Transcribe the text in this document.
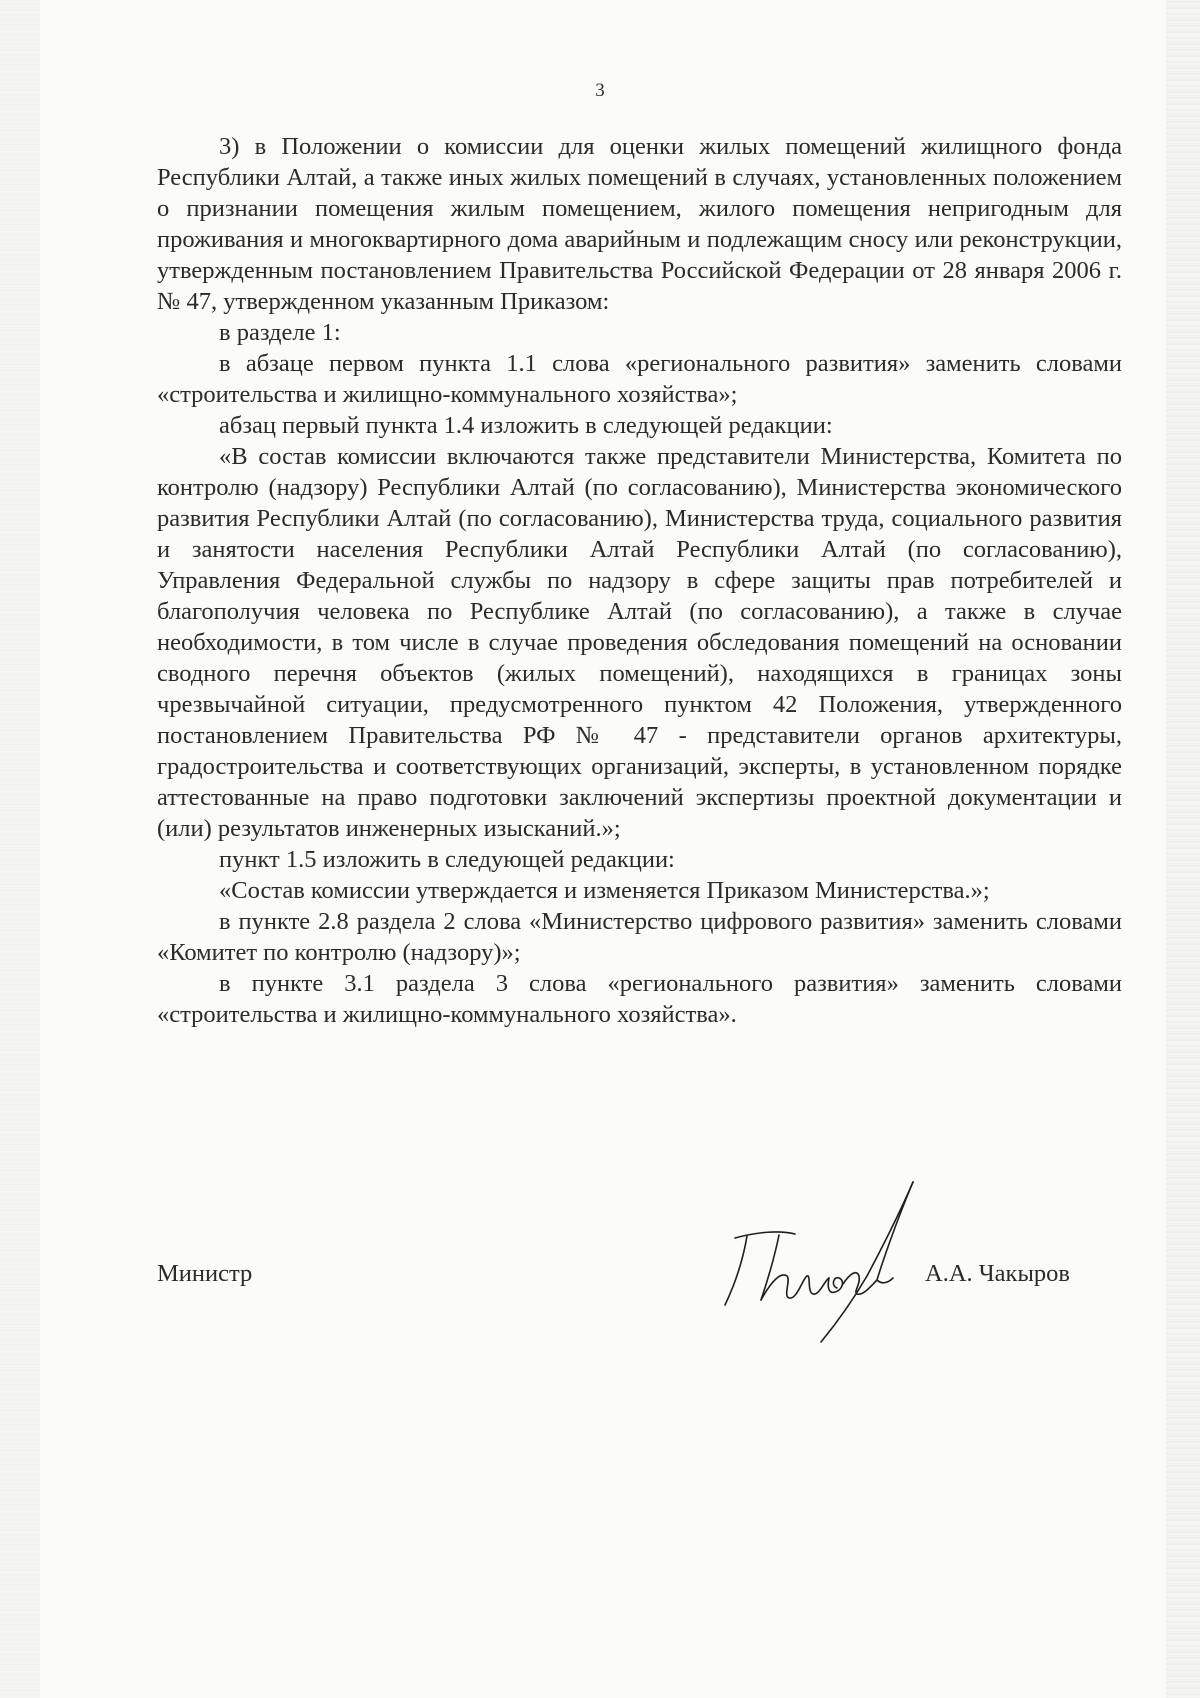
3

3) в Положении о комиссии для оценки жилых помещений жилищного фонда Республики Алтай, а также иных жилых помещений в случаях, установленных положением о признании помещения жилым помещением, жилого помещения непригодным для проживания и многоквартирного дома аварийным и подлежащим сносу или реконструкции, утвержденным постановлением Правительства Российской Федерации от 28 января 2006 г. № 47, утвержденном указанным Приказом:

в разделе 1:

в абзаце первом пункта 1.1 слова «регионального развития» заменить словами «строительства и жилищно-коммунального хозяйства»;

абзац первый пункта 1.4 изложить в следующей редакции:

«В состав комиссии включаются также представители Министерства, Комитета по контролю (надзору) Республики Алтай (по согласованию), Министерства экономического развития Республики Алтай (по согласованию), Министерства труда, социального развития и занятости населения Республики Алтай Республики Алтай (по согласованию), Управления Федеральной службы по надзору в сфере защиты прав потребителей и благополучия человека по Республике Алтай (по согласованию), а также в случае необходимости, в том числе в случае проведения обследования помещений на основании сводного перечня объектов (жилых помещений), находящихся в границах зоны чрезвычайной ситуации, предусмотренного пунктом 42 Положения, утвержденного постановлением Правительства РФ № 47 - представители органов архитектуры, градостроительства и соответствующих организаций, эксперты, в установленном порядке аттестованные на право подготовки заключений экспертизы проектной документации и (или) результатов инженерных изысканий.»;

пункт 1.5 изложить в следующей редакции:

«Состав комиссии утверждается и изменяется Приказом Министерства.»;

в пункте 2.8 раздела 2 слова «Министерство цифрового развития» заменить словами «Комитет по контролю (надзору)»;

в пункте 3.1 раздела 3 слова «регионального развития» заменить словами «строительства и жилищно-коммунального хозяйства».

Министр	А.А. Чакыров
